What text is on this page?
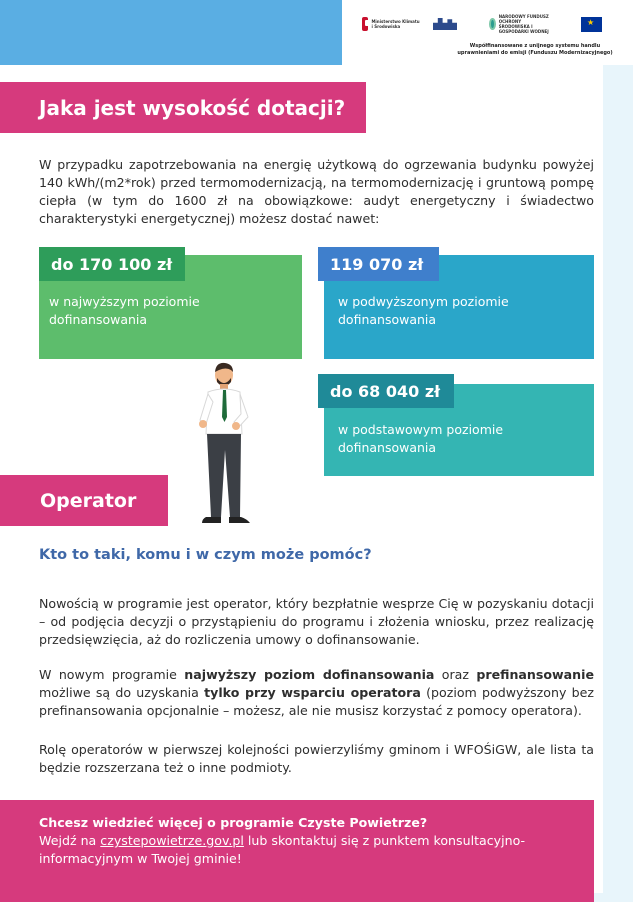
Ministerstwo Klimatu i Środowiska
NARODOWY FUNDUSZ OCHRONY ŚRODOWISKA I GOSPODARKI WODNEJ
★
Współfinansowane z unijnego systemu handlu
uprawnieniami do emisji (Funduszu Modernizacyjnego)
Jaka jest wysokość dotacji?
W przypadku zapotrzebowania na energię użytkową do ogrzewania budynku powyżej 140 kWh/(m2*rok) przed termomodernizacją, na termomodernizację i gruntową pompę ciepła (w tym do 1600 zł na obowiązkowe: audyt energetyczny i świadectwo charakterystyki energetycznej) możesz dostać nawet:
do 170 100 zł
w najwyższym poziomie
dofinansowania
119 070 zł
w podwyższonym poziomie
dofinansowania
do 68 040 zł
w podstawowym poziomie
dofinansowania
Operator
Kto to taki, komu i w czym może pomóc?
Nowością w programie jest operator, który bezpłatnie wesprze Cię w pozyskaniu dotacji – od podjęcia decyzji o przystąpieniu do programu i złożenia wniosku, przez realizację przedsięwzięcia, aż do rozliczenia umowy o dofinansowanie.
W nowym programie najwyższy poziom dofinansowania oraz prefinansowanie możliwe są do uzyskania tylko przy wsparciu operatora (poziom podwyższony bez prefinansowania opcjonalnie – możesz, ale nie musisz korzystać z pomocy operatora).
Rolę operatorów w pierwszej kolejności powierzyliśmy gminom i WFOŚiGW, ale lista ta będzie rozszerzana też o inne podmioty.
Chcesz wiedzieć więcej o programie Czyste Powietrze?
Wejdź na czystepowietrze.gov.pl lub skontaktuj się z punktem konsultacyjno-informacyjnym w Twojej gminie!
